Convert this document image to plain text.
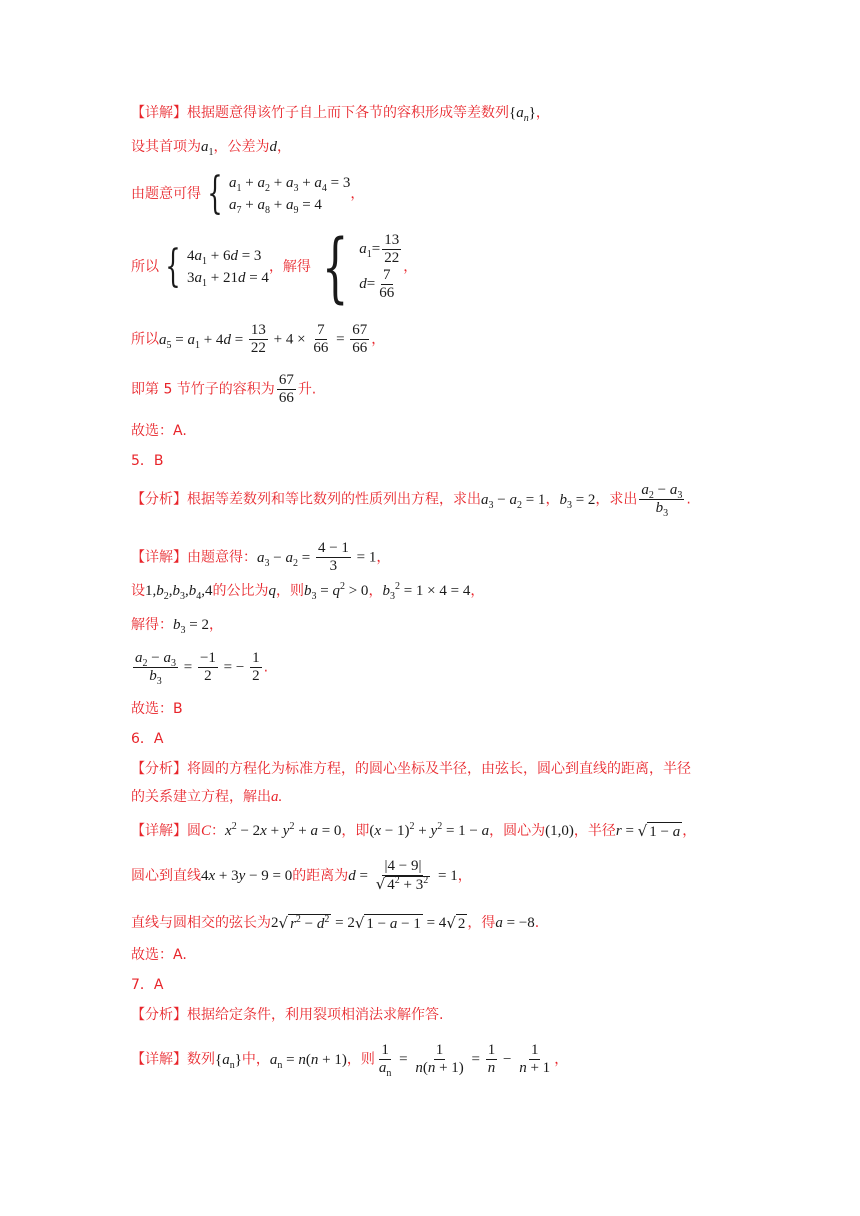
【详解】根据题意得该竹子自上而下各节的容积形成等差数列$\{a_n\}$，
设其首项为$a_1$，公差为d，
由题意可得 { $a_1 + a_2 + a_3 + a_4 = 3$
$a_7 + a_8 + a_9 = 4$
，
所以 { $4a_1 + 6d = 3$
$3a_1 + 21d = 4$
，解得 { $a_1= \frac{13}{22}$
$d= \frac{7}{66}$ ，
所以$a_5 = a_1 + 4d = \frac{13}{22} + 4 \times \frac{7}{66} = \frac{67}{66}$ ，
即第 5 节竹子的容积为 $\frac{67}{66}$ 升.
故选：A.
5．B
【分析】根据等差数列和等比数列的性质列出方程，求出$a_3 - a_2 = 1$，$b_3 = 2$，求出 $\frac{a_2 - a_3}{b_3}$ .
【详解】由题意得：$a_3 - a_2 = \frac{4 - 1}{3} = 1$，
设$1,b_2,b_3,b_4,4$的公比为q，则$b_3 = q^2 > 0$，$b_3^2 = 1 \times 4 = 4$，
解得：$b_3 = 2$，
$\frac{a_2 - a_3}{b_3} = \frac{-1}{2}$ = − $\frac{1}{2}$ .
故选：B
6．A
【分析】将圆的方程化为标准方程，的圆心坐标及半径，由弦长，圆心到直线的距离，半径
的关系建立方程，解出a.
【详解】圆C：$x^2 - 2x + y^2 + a = 0$，即$(x - 1)^2 + y^2 = 1 - a$，圆心为(1,0)，半径r = √ 1 − a ，
圆心到直线4x + 3y − 9 = 0的距离为$d = \frac{|4 - 9|}{√ 4^2 + 3^2} = 1$，
直线与圆相交的弦长为2 √ $r^2 - d^2 = 2$ √ 1 − a − 1 = 4 √ 2 ，得a = −8.
故选：A.
7．A
【分析】根据给定条件，利用裂项相消法求解作答.
【详解】数列$\{a_n\}$中，$a_n = n(n + 1)$，则 $\frac{1}{a_n} = \frac{1}{n(n + 1)} = \frac{1}{n} - \frac{1}{n + 1}$ ，
